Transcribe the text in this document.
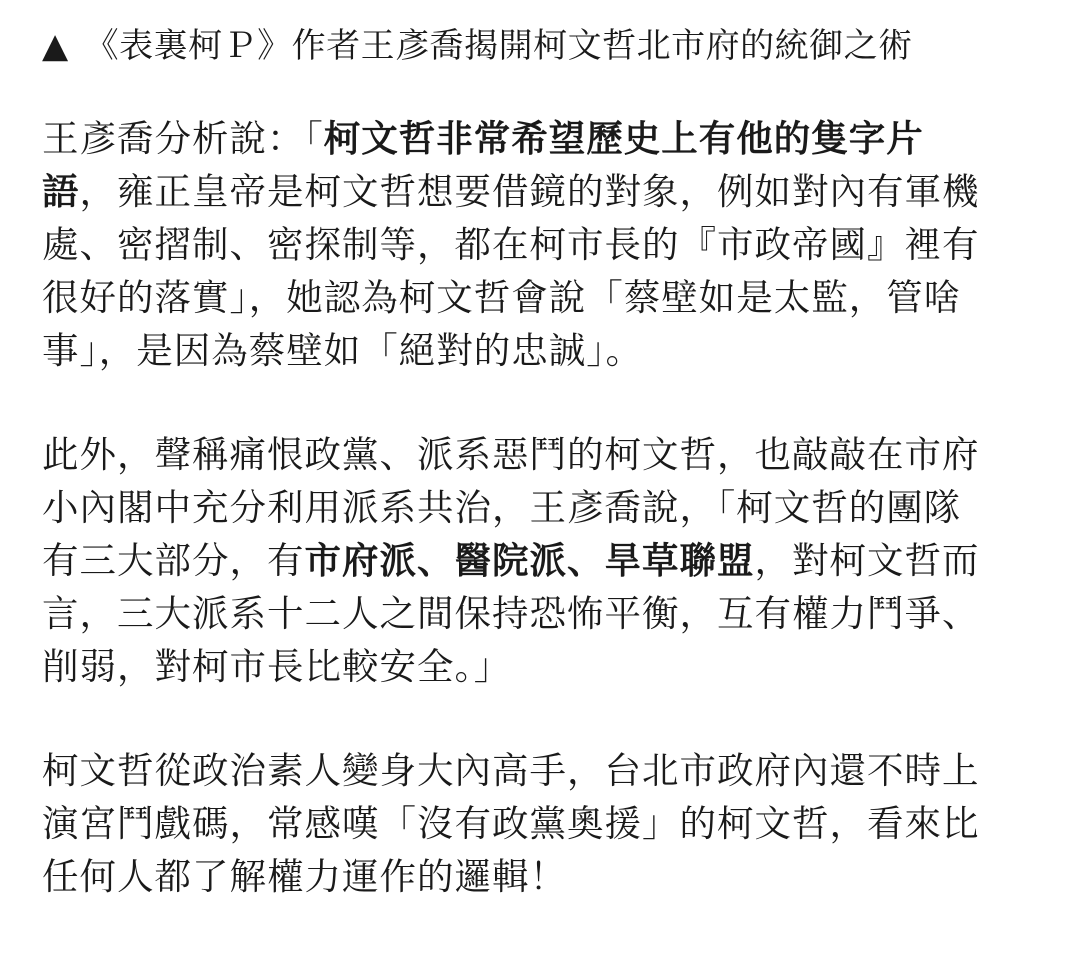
▲ 《表裏柯Ｐ》作者王彥喬揭開柯文哲北市府的統御之術
王彥喬分析說：「柯文哲非常希望歷史上有他的隻字片
語，雍正皇帝是柯文哲想要借鏡的對象，例如對內有軍機
處、密摺制、密探制等，都在柯市長的『市政帝國』裡有
很好的落實」，她認為柯文哲會說「蔡壁如是太監，管啥
事」，是因為蔡壁如「絕對的忠誠」。
此外，聲稱痛恨政黨、派系惡鬥的柯文哲，也敲敲在市府
小內閣中充分利用派系共治，王彥喬說，「柯文哲的團隊
有三大部分，有市府派、醫院派、旱草聯盟，對柯文哲而
言，三大派系十二人之間保持恐怖平衡，互有權力鬥爭、
削弱，對柯市長比較安全。」
柯文哲從政治素人變身大內高手，台北市政府內還不時上
演宮鬥戲碼，常感嘆「沒有政黨奧援」的柯文哲，看來比
任何人都了解權力運作的邏輯！
